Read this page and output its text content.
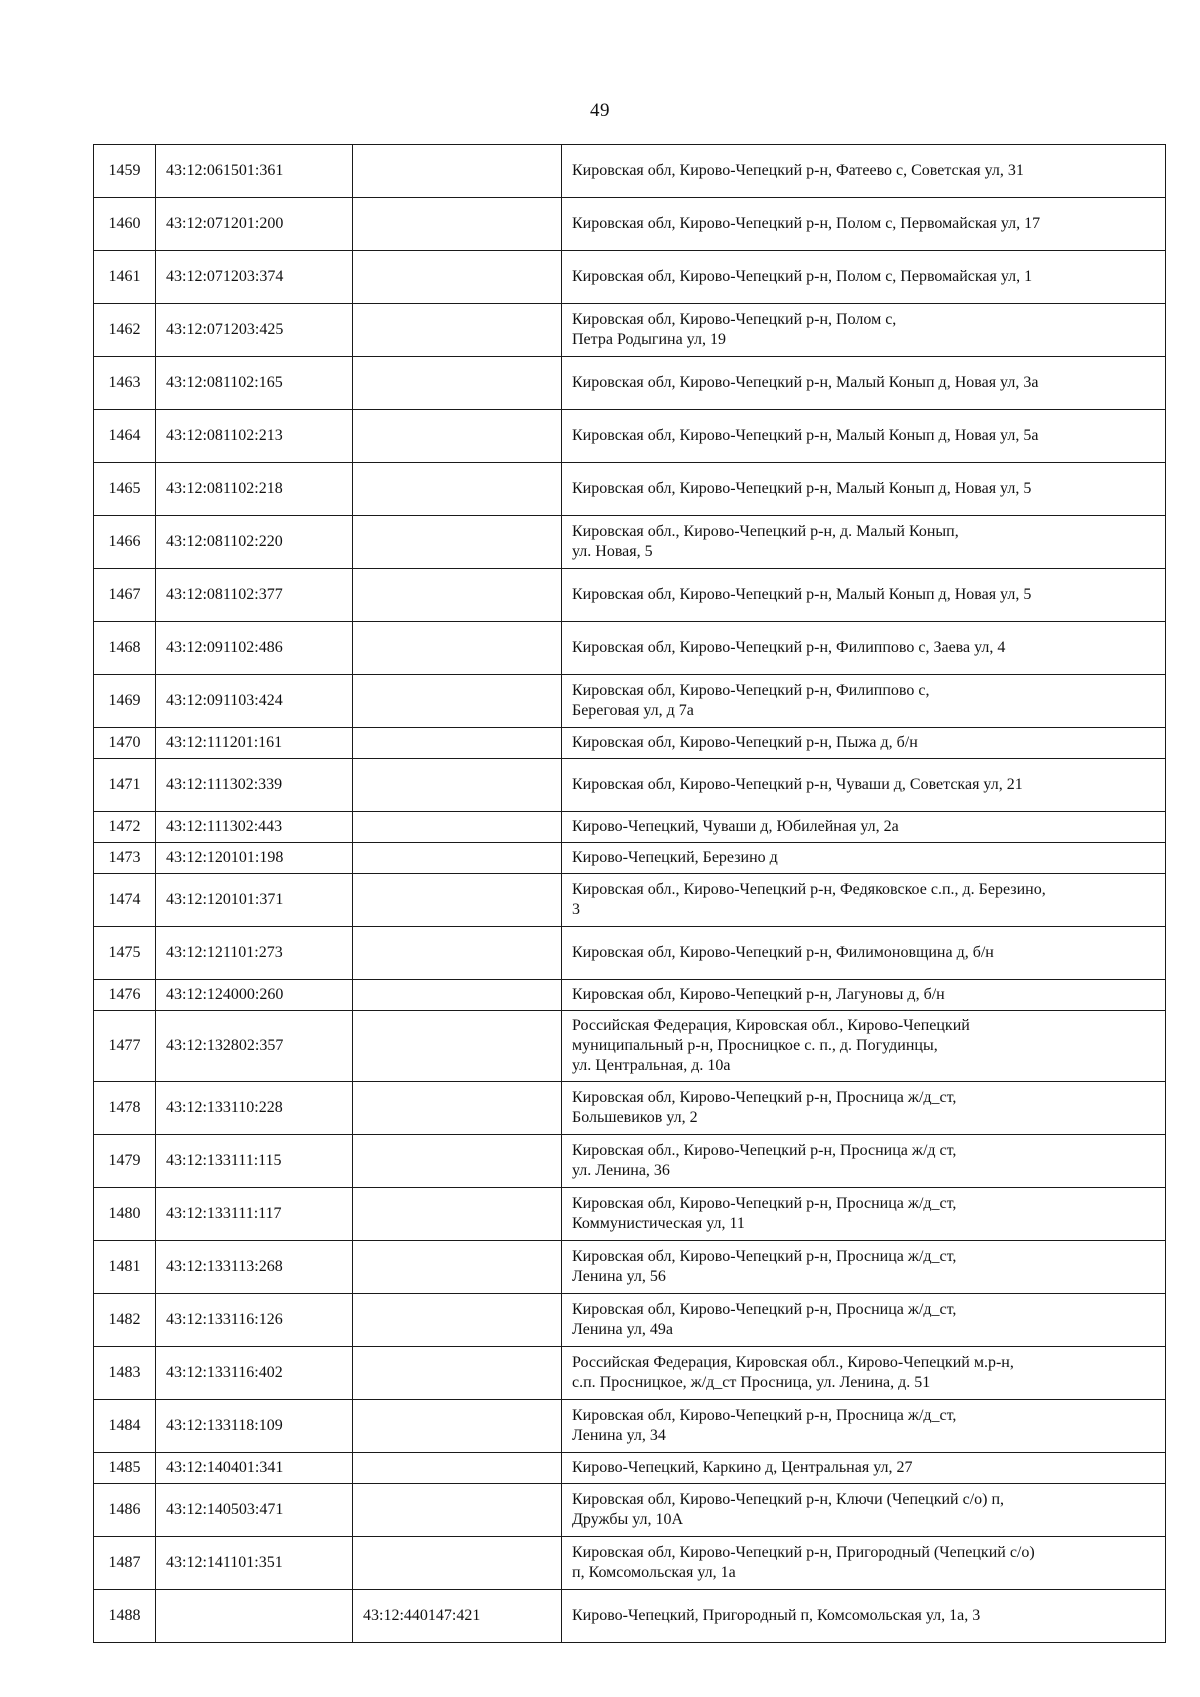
49
1459	43:12:061501:361		Кировская обл, Кирово-Чепецкий р-н, Фатеево с, Советская ул, 31
1460	43:12:071201:200		Кировская обл, Кирово-Чепецкий р-н, Полом с, Первомайская ул, 17
1461	43:12:071203:374		Кировская обл, Кирово-Чепецкий р-н, Полом с, Первомайская ул, 1
1462	43:12:071203:425		Кировская обл, Кирово-Чепецкий р-н, Полом с,
Петра Родыгина ул, 19
1463	43:12:081102:165		Кировская обл, Кирово-Чепецкий р-н, Малый Конып д, Новая ул, 3а
1464	43:12:081102:213		Кировская обл, Кирово-Чепецкий р-н, Малый Конып д, Новая ул, 5а
1465	43:12:081102:218		Кировская обл, Кирово-Чепецкий р-н, Малый Конып д, Новая ул, 5
1466	43:12:081102:220		Кировская обл., Кирово-Чепецкий р-н, д. Малый Конып,
ул. Новая, 5
1467	43:12:081102:377		Кировская обл, Кирово-Чепецкий р-н, Малый Конып д, Новая ул, 5
1468	43:12:091102:486		Кировская обл, Кирово-Чепецкий р-н, Филиппово с, Заева ул, 4
1469	43:12:091103:424		Кировская обл, Кирово-Чепецкий р-н, Филиппово с,
Береговая ул, д 7а
1470	43:12:111201:161		Кировская обл, Кирово-Чепецкий р-н, Пыжа д, б/н
1471	43:12:111302:339		Кировская обл, Кирово-Чепецкий р-н, Чуваши д, Советская ул, 21
1472	43:12:111302:443		Кирово-Чепецкий, Чуваши д, Юбилейная ул, 2а
1473	43:12:120101:198		Кирово-Чепецкий, Березино д
1474	43:12:120101:371		Кировская обл., Кирово-Чепецкий р-н, Федяковское с.п., д. Березино,
3
1475	43:12:121101:273		Кировская обл, Кирово-Чепецкий р-н, Филимоновщина д, б/н
1476	43:12:124000:260		Кировская обл, Кирово-Чепецкий р-н, Лагуновы д, б/н
1477	43:12:132802:357		Российская Федерация, Кировская обл., Кирово-Чепецкий
муниципальный р-н, Просницкое с. п., д. Погудинцы,
ул. Центральная, д. 10а
1478	43:12:133110:228		Кировская обл, Кирово-Чепецкий р-н, Просница ж/д_ст,
Большевиков ул, 2
1479	43:12:133111:115		Кировская обл., Кирово-Чепецкий р-н, Просница ж/д ст,
ул. Ленина, 36
1480	43:12:133111:117		Кировская обл, Кирово-Чепецкий р-н, Просница ж/д_ст,
Коммунистическая ул, 11
1481	43:12:133113:268		Кировская обл, Кирово-Чепецкий р-н, Просница ж/д_ст,
Ленина ул, 56
1482	43:12:133116:126		Кировская обл, Кирово-Чепецкий р-н, Просница ж/д_ст,
Ленина ул, 49а
1483	43:12:133116:402		Российская Федерация, Кировская обл., Кирово-Чепецкий м.р-н,
с.п. Просницкое, ж/д_ст Просница, ул. Ленина, д. 51
1484	43:12:133118:109		Кировская обл, Кирово-Чепецкий р-н, Просница ж/д_ст,
Ленина ул, 34
1485	43:12:140401:341		Кирово-Чепецкий, Каркино д, Центральная ул, 27
1486	43:12:140503:471		Кировская обл, Кирово-Чепецкий р-н, Ключи (Чепецкий с/о) п,
Дружбы ул, 10А
1487	43:12:141101:351		Кировская обл, Кирово-Чепецкий р-н, Пригородный (Чепецкий с/о)
п, Комсомольская ул, 1а
1488		43:12:440147:421	Кирово-Чепецкий, Пригородный п, Комсомольская ул, 1а, 3
